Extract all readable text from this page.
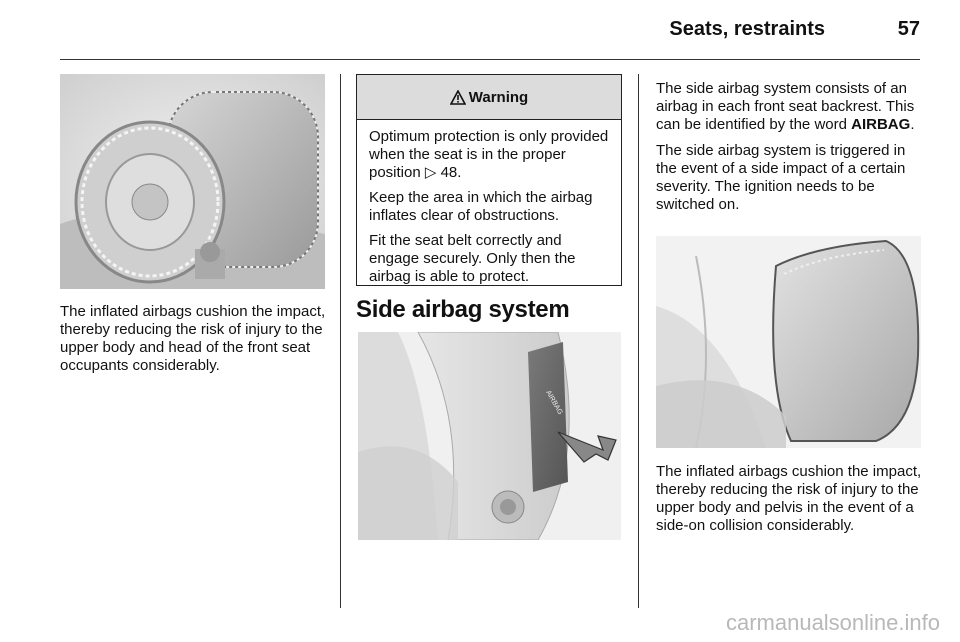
Seats, restraints	57

The inflated airbags cushion the impact, thereby reducing the risk of injury to the upper body and head of the front seat occupants considerably.

Warning

Optimum protection is only provided when the seat is in the proper position ▷ 48.

Keep the area in which the airbag inflates clear of obstructions.

Fit the seat belt correctly and engage securely. Only then the airbag is able to protect.

Side airbag system
AIRBAG

The side airbag system consists of an airbag in each front seat backrest. This can be identified by the word AIRBAG.

The side airbag system is triggered in the event of a side impact of a certain severity. The ignition needs to be switched on.

The inflated airbags cushion the impact, thereby reducing the risk of injury to the upper body and pelvis in the event of a side-on collision considerably.

carmanualsonline.info
